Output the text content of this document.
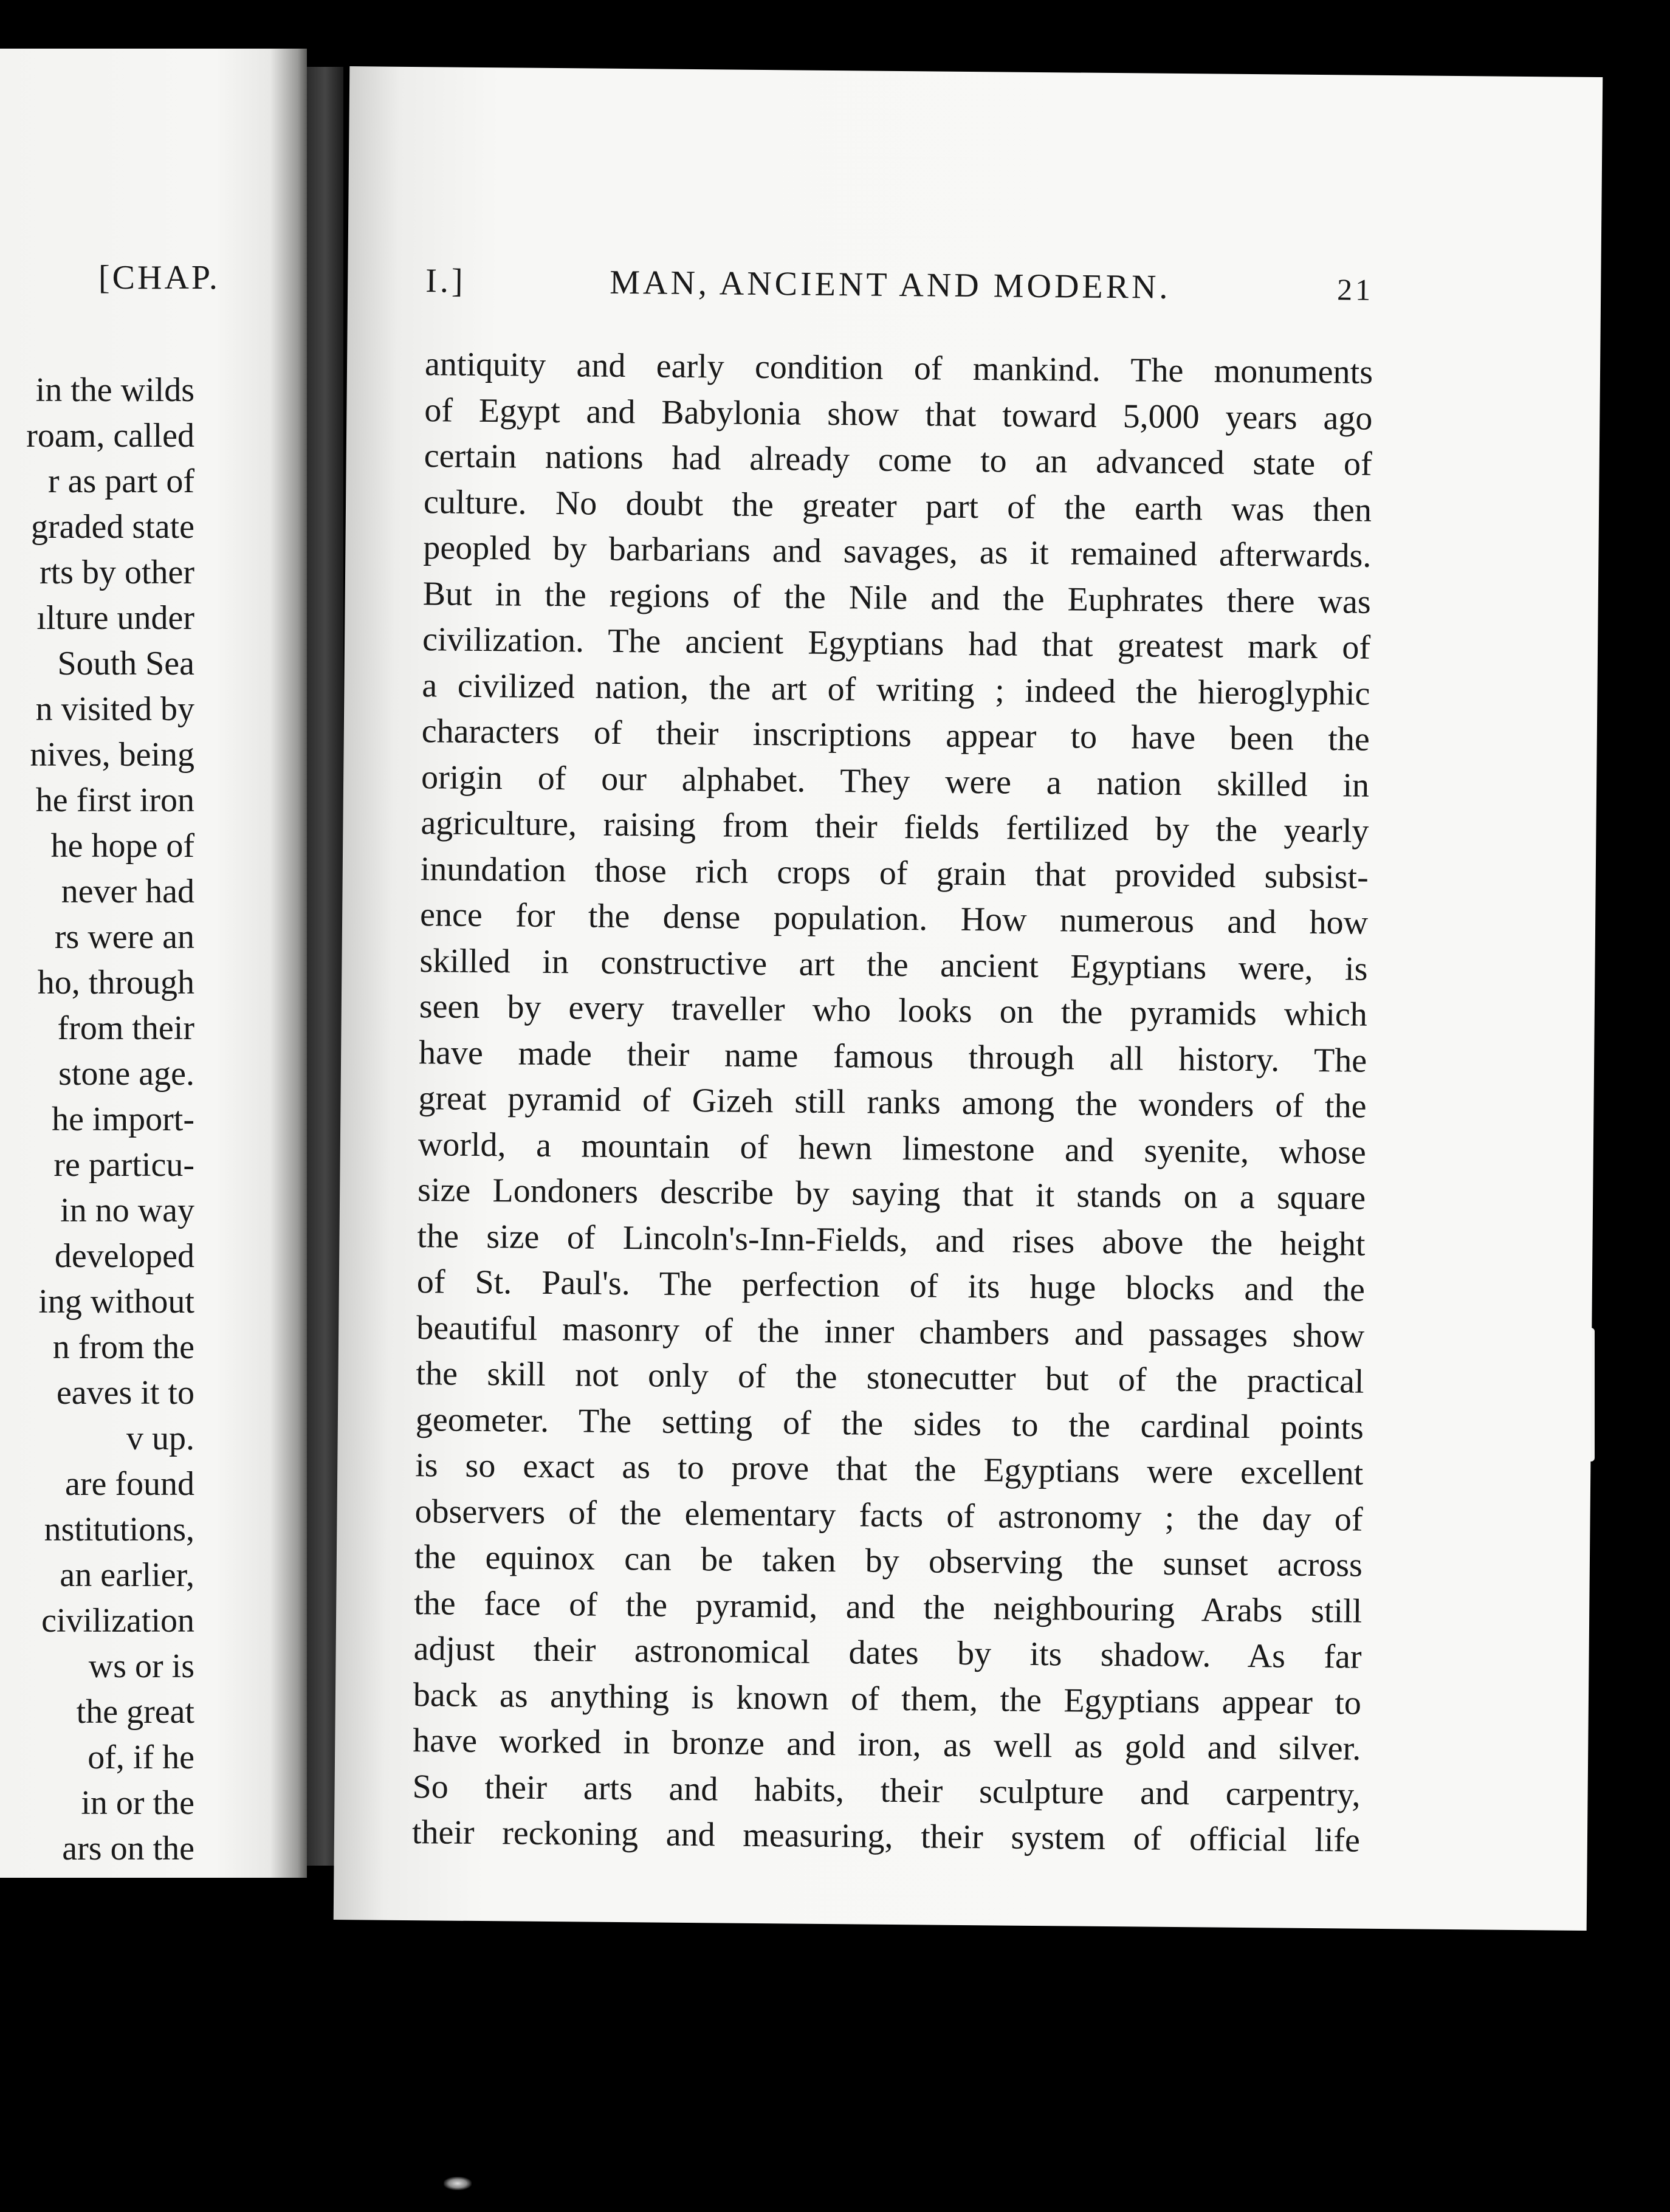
[CHAP.
in the wilds
roam, called
r as part of
graded state
rts by other
ılture under
South Sea
n visited by
nives, being
he first iron
he hope of
never had
rs were an
ho, through
from their
stone age.
he import-
re particu-
in no way
developed
ing without
n from the
eaves it to
v up.
are found
nstitutions,
an earlier,
civilization
ws or is
the great
of, if he
in or the
ars on the
I.]	MAN, ANCIENT AND MODERN.	21
antiquity and early condition of mankind. The monuments
of Egypt and Babylonia show that toward 5,000 years ago
certain nations had already come to an advanced state of
culture. No doubt the greater part of the earth was then
peopled by barbarians and savages, as it remained afterwards.
But in the regions of the Nile and the Euphrates there was
civilization. The ancient Egyptians had that greatest mark of
a civilized nation, the art of writing ; indeed the hieroglyphic
characters of their inscriptions appear to have been the
origin of our alphabet. They were a nation skilled in
agriculture, raising from their fields fertilized by the yearly
inundation those rich crops of grain that provided subsist-
ence for the dense population. How numerous and how
skilled in constructive art the ancient Egyptians were, is
seen by every traveller who looks on the pyramids which
have made their name famous through all history. The
great pyramid of Gizeh still ranks among the wonders of the
world, a mountain of hewn limestone and syenite, whose
size Londoners describe by saying that it stands on a square
the size of Lincoln's-Inn-Fields, and rises above the height
of St. Paul's. The perfection of its huge blocks and the
beautiful masonry of the inner chambers and passages show
the skill not only of the stonecutter but of the practical
geometer. The setting of the sides to the cardinal points
is so exact as to prove that the Egyptians were excellent
observers of the elementary facts of astronomy ; the day of
the equinox can be taken by observing the sunset across
the face of the pyramid, and the neighbouring Arabs still
adjust their astronomical dates by its shadow. As far
back as anything is known of them, the Egyptians appear to
have worked in bronze and iron, as well as gold and silver.
So their arts and habits, their sculpture and carpentry,
their reckoning and measuring, their system of official life
